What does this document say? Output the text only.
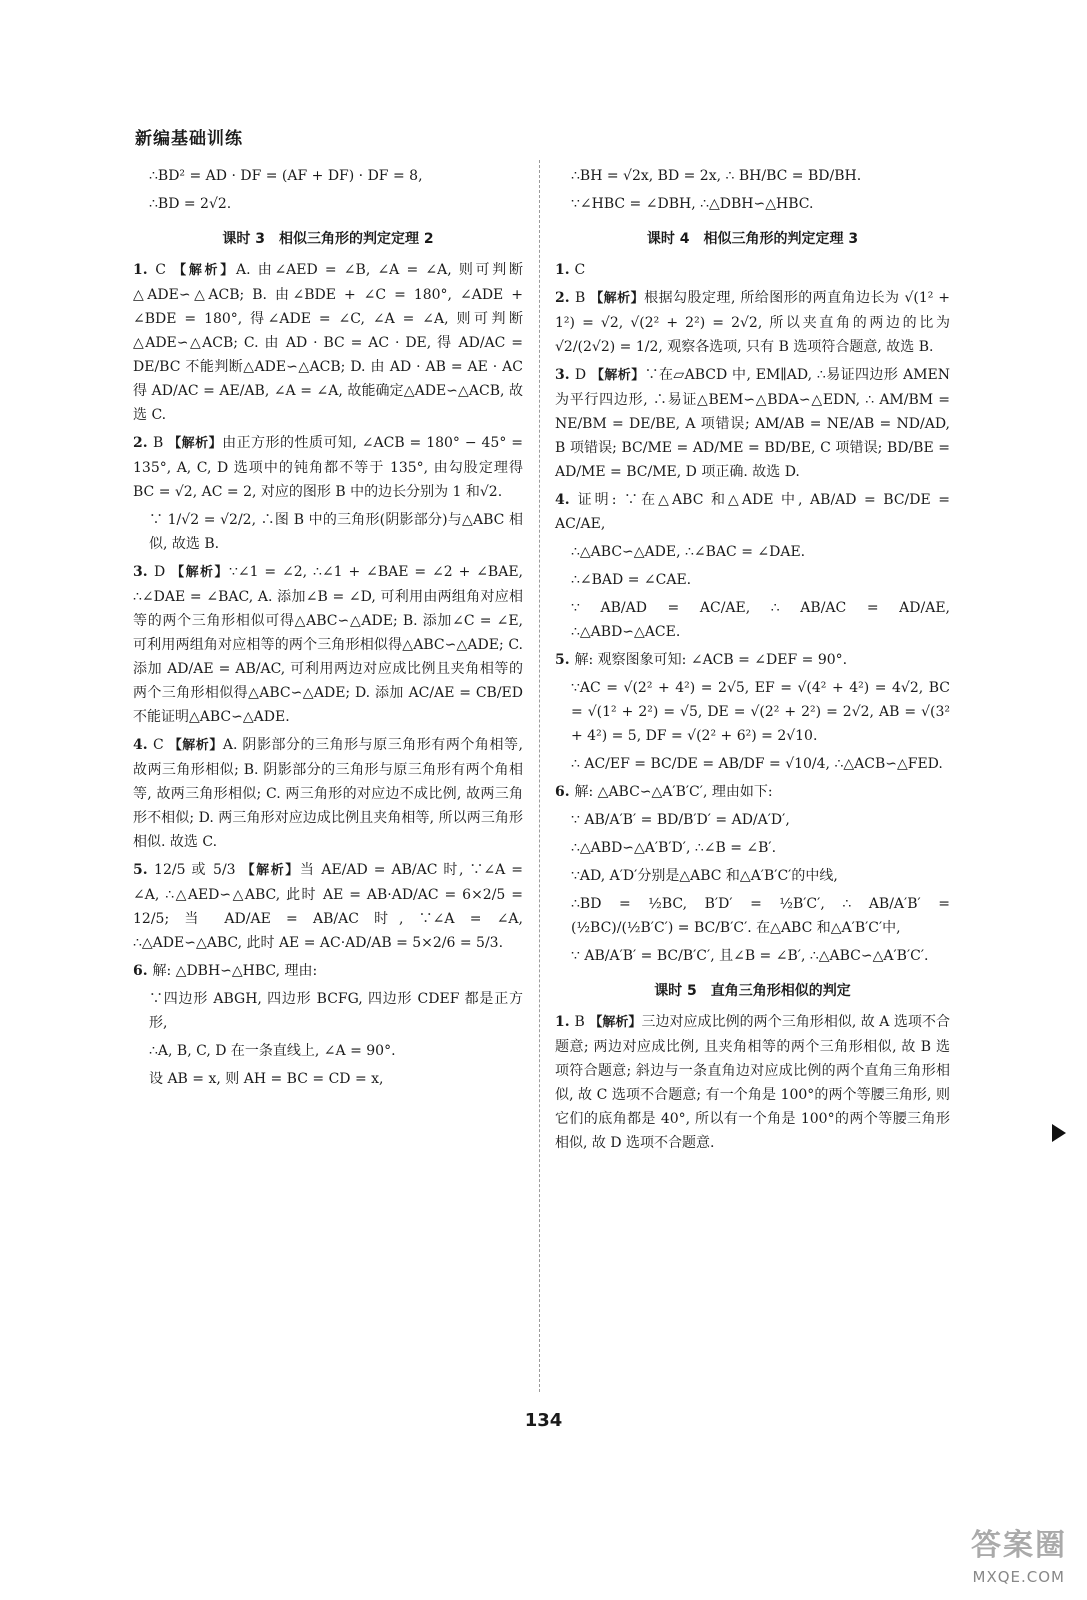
新编基础训练
∴BD² = AD · DF = (AF + DF) · DF = 8,
∴BD = 2√2.
课时 3　相似三角形的判定定理 2
1. C 【解析】A. 由∠AED = ∠B, ∠A = ∠A, 则可判断△ADE∽△ACB; B. 由∠BDE + ∠C = 180°, ∠ADE + ∠BDE = 180°, 得∠ADE = ∠C, ∠A = ∠A, 则可判断△ADE∽△ACB; C. 由 AD · BC = AC · DE, 得 AD/AC = DE/BC 不能判断△ADE∽△ACB; D. 由 AD · AB = AE · AC 得 AD/AC = AE/AB, ∠A = ∠A, 故能确定△ADE∽△ACB, 故选 C.
2. B 【解析】由正方形的性质可知, ∠ACB = 180° − 45° = 135°, A, C, D 选项中的钝角都不等于 135°, 由勾股定理得 BC = √2, AC = 2, 对应的图形 B 中的边长分别为 1 和√2.
∵ 1/√2 = √2/2, ∴图 B 中的三角形(阴影部分)与△ABC 相似, 故选 B.
3. D 【解析】∵∠1 = ∠2, ∴∠1 + ∠BAE = ∠2 + ∠BAE, ∴∠DAE = ∠BAC, A. 添加∠B = ∠D, 可利用由两组角对应相等的两个三角形相似可得△ABC∽△ADE; B. 添加∠C = ∠E, 可利用两组角对应相等的两个三角形相似得△ABC∽△ADE; C. 添加 AD/AE = AB/AC, 可利用两边对应成比例且夹角相等的两个三角形相似得△ABC∽△ADE; D. 添加 AC/AE = CB/ED 不能证明△ABC∽△ADE.
4. C 【解析】A. 阴影部分的三角形与原三角形有两个角相等, 故两三角形相似; B. 阴影部分的三角形与原三角形有两个角相等, 故两三角形相似; C. 两三角形的对应边不成比例, 故两三角形不相似; D. 两三角形对应边成比例且夹角相等, 所以两三角形相似. 故选 C.
5. 12/5 或 5/3 【解析】当 AE/AD = AB/AC 时, ∵∠A = ∠A, ∴△AED∽△ABC, 此时 AE = AB·AD/AC = 6×2/5 = 12/5; 当 AD/AE = AB/AC 时, ∵∠A = ∠A, ∴△ADE∽△ABC, 此时 AE = AC·AD/AB = 5×2/6 = 5/3.
6. 解: △DBH∽△HBC, 理由:
∵四边形 ABGH, 四边形 BCFG, 四边形 CDEF 都是正方形,
∴A, B, C, D 在一条直线上, ∠A = 90°.
设 AB = x, 则 AH = BC = CD = x,
∴BH = √2x, BD = 2x, ∴ BH/BC = BD/BH.
∵∠HBC = ∠DBH, ∴△DBH∽△HBC.
课时 4　相似三角形的判定定理 3
1. C
2. B 【解析】根据勾股定理, 所给图形的两直角边长为 √(1² + 1²) = √2, √(2² + 2²) = 2√2, 所以夹直角的两边的比为 √2/(2√2) = 1/2, 观察各选项, 只有 B 选项符合题意, 故选 B.
3. D 【解析】∵在▱ABCD 中, EM∥AD, ∴易证四边形 AMEN 为平行四边形, ∴易证△BEM∽△BDA∽△EDN, ∴ AM/BM = NE/BM = DE/BE, A 项错误; AM/AB = NE/AB = ND/AD, B 项错误; BC/ME = AD/ME = BD/BE, C 项错误; BD/BE = AD/ME = BC/ME, D 项正确. 故选 D.
4. 证明: ∵在△ABC 和△ADE 中, AB/AD = BC/DE = AC/AE,
∴△ABC∽△ADE, ∴∠BAC = ∠DAE.
∴∠BAD = ∠CAE.
∵ AB/AD = AC/AE, ∴ AB/AC = AD/AE, ∴△ABD∽△ACE.
5. 解: 观察图象可知: ∠ACB = ∠DEF = 90°.
∵AC = √(2² + 4²) = 2√5, EF = √(4² + 4²) = 4√2, BC = √(1² + 2²) = √5, DE = √(2² + 2²) = 2√2, AB = √(3² + 4²) = 5, DF = √(2² + 6²) = 2√10.
∴ AC/EF = BC/DE = AB/DF = √10/4, ∴△ACB∽△FED.
6. 解: △ABC∽△A′B′C′, 理由如下:
∵ AB/A′B′ = BD/B′D′ = AD/A′D′,
∴△ABD∽△A′B′D′, ∴∠B = ∠B′.
∵AD, A′D′分别是△ABC 和△A′B′C′的中线,
∴BD = ½BC, B′D′ = ½B′C′, ∴ AB/A′B′ = (½BC)/(½B′C′) = BC/B′C′. 在△ABC 和△A′B′C′中,
∵ AB/A′B′ = BC/B′C′, 且∠B = ∠B′, ∴△ABC∽△A′B′C′.
课时 5　直角三角形相似的判定
1. B 【解析】三边对应成比例的两个三角形相似, 故 A 选项不合题意; 两边对应成比例, 且夹角相等的两个三角形相似, 故 B 选项符合题意; 斜边与一条直角边对应成比例的两个直角三角形相似, 故 C 选项不合题意; 有一个角是 100°的两个等腰三角形, 则它们的底角都是 40°, 所以有一个角是 100°的两个等腰三角形相似, 故 D 选项不合题意.
134
答案圈
MXQE.COM
